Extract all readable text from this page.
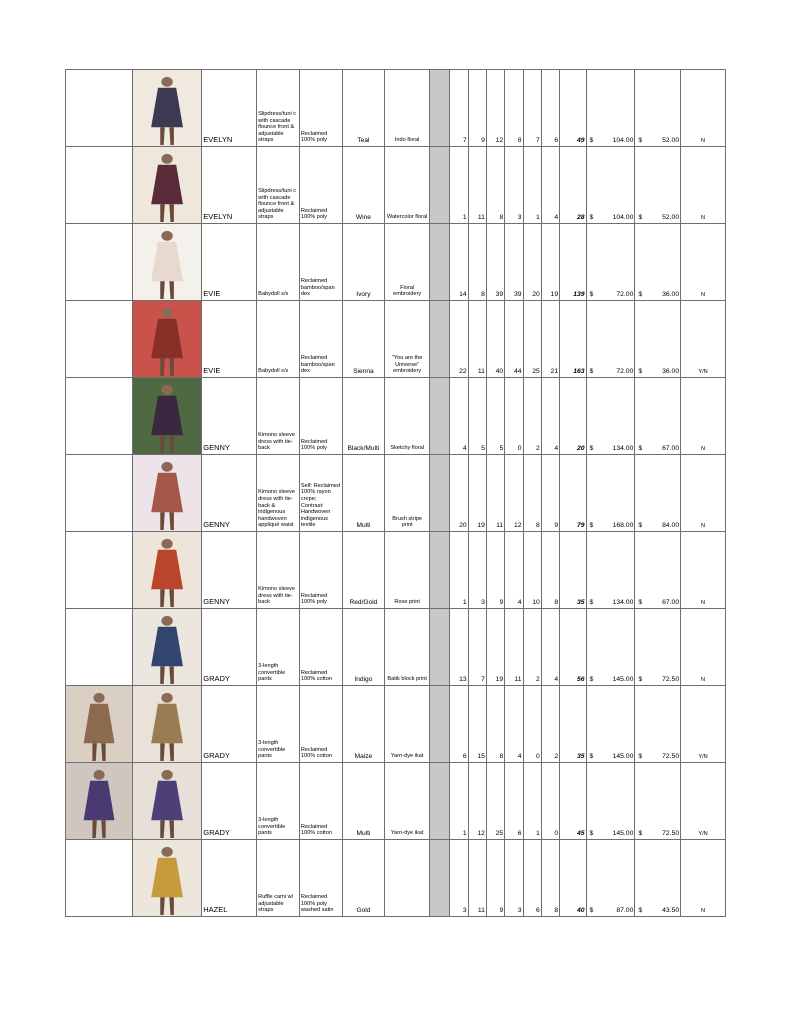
	EVELYN	Slipdress/tuni c with cascade flounce front & adjustable straps	Reclaimed 100% poly	Teal	Indo floral		7	9	12	8	7	6	49	$ 104.00	$ 52.00	N

	EVELYN	Slipdress/tuni c with cascade flounce front & adjustable straps	Reclaimed 100% poly	Wine	Watercolor floral		1	11	8	3	1	4	28	$ 104.00	$ 52.00	N

	EVIE	Babydoll s/s	Reclaimed bamboo/span dex	Ivory	Floral embroidery		14	8	39	39	20	19	139	$ 72.00	$ 36.00	N

	EVIE	Babydoll s/s	Reclaimed bamboo/span dex	Sienna	"You are the Universe" embroidery		22	11	40	44	25	21	163	$ 72.00	$ 36.00	Y/N

	GENNY	Kimono sleeve dress with tie-back	Reclaimed 100% poly	Black/Multi	Sketchy floral		4	5	5	0	2	4	20	$ 134.00	$ 67.00	N

	GENNY	Kimono sleeve dress with tie-back & indigenous handwoven appliqué waist	Self: Reclaimed 100% rayon crepe; Contrast: Handwoven indigenous textile	Multi	Brush stripe print		20	19	11	12	8	9	79	$ 168.00	$ 84.00	N

	GENNY	Kimono sleeve dress with tie-back	Reclaimed 100% poly	Red/Gold	Rose print		1	3	9	4	10	8	35	$ 134.00	$ 67.00	N

	GRADY	3-length convertible pants	Reclaimed 100% cotton	Indigo	Batik block print		13	7	19	11	2	4	56	$ 145.00	$ 72.50	N

	GRADY	3-length convertible pants	Reclaimed 100% cotton	Maize	Yarn-dye ikat		6	15	8	4	0	2	35	$ 145.00	$ 72.50	Y/N

	GRADY	3-length convertible pants	Reclaimed 100% cotton	Multi	Yarn-dye ikat		1	12	25	6	1	0	45	$ 145.00	$ 72.50	Y/N

	HAZEL	Ruffle cami w/ adjustable straps	Reclaimed 100% poly washed satin	Gold			3	11	9	3	6	8	40	$ 87.00	$ 43.50	N
